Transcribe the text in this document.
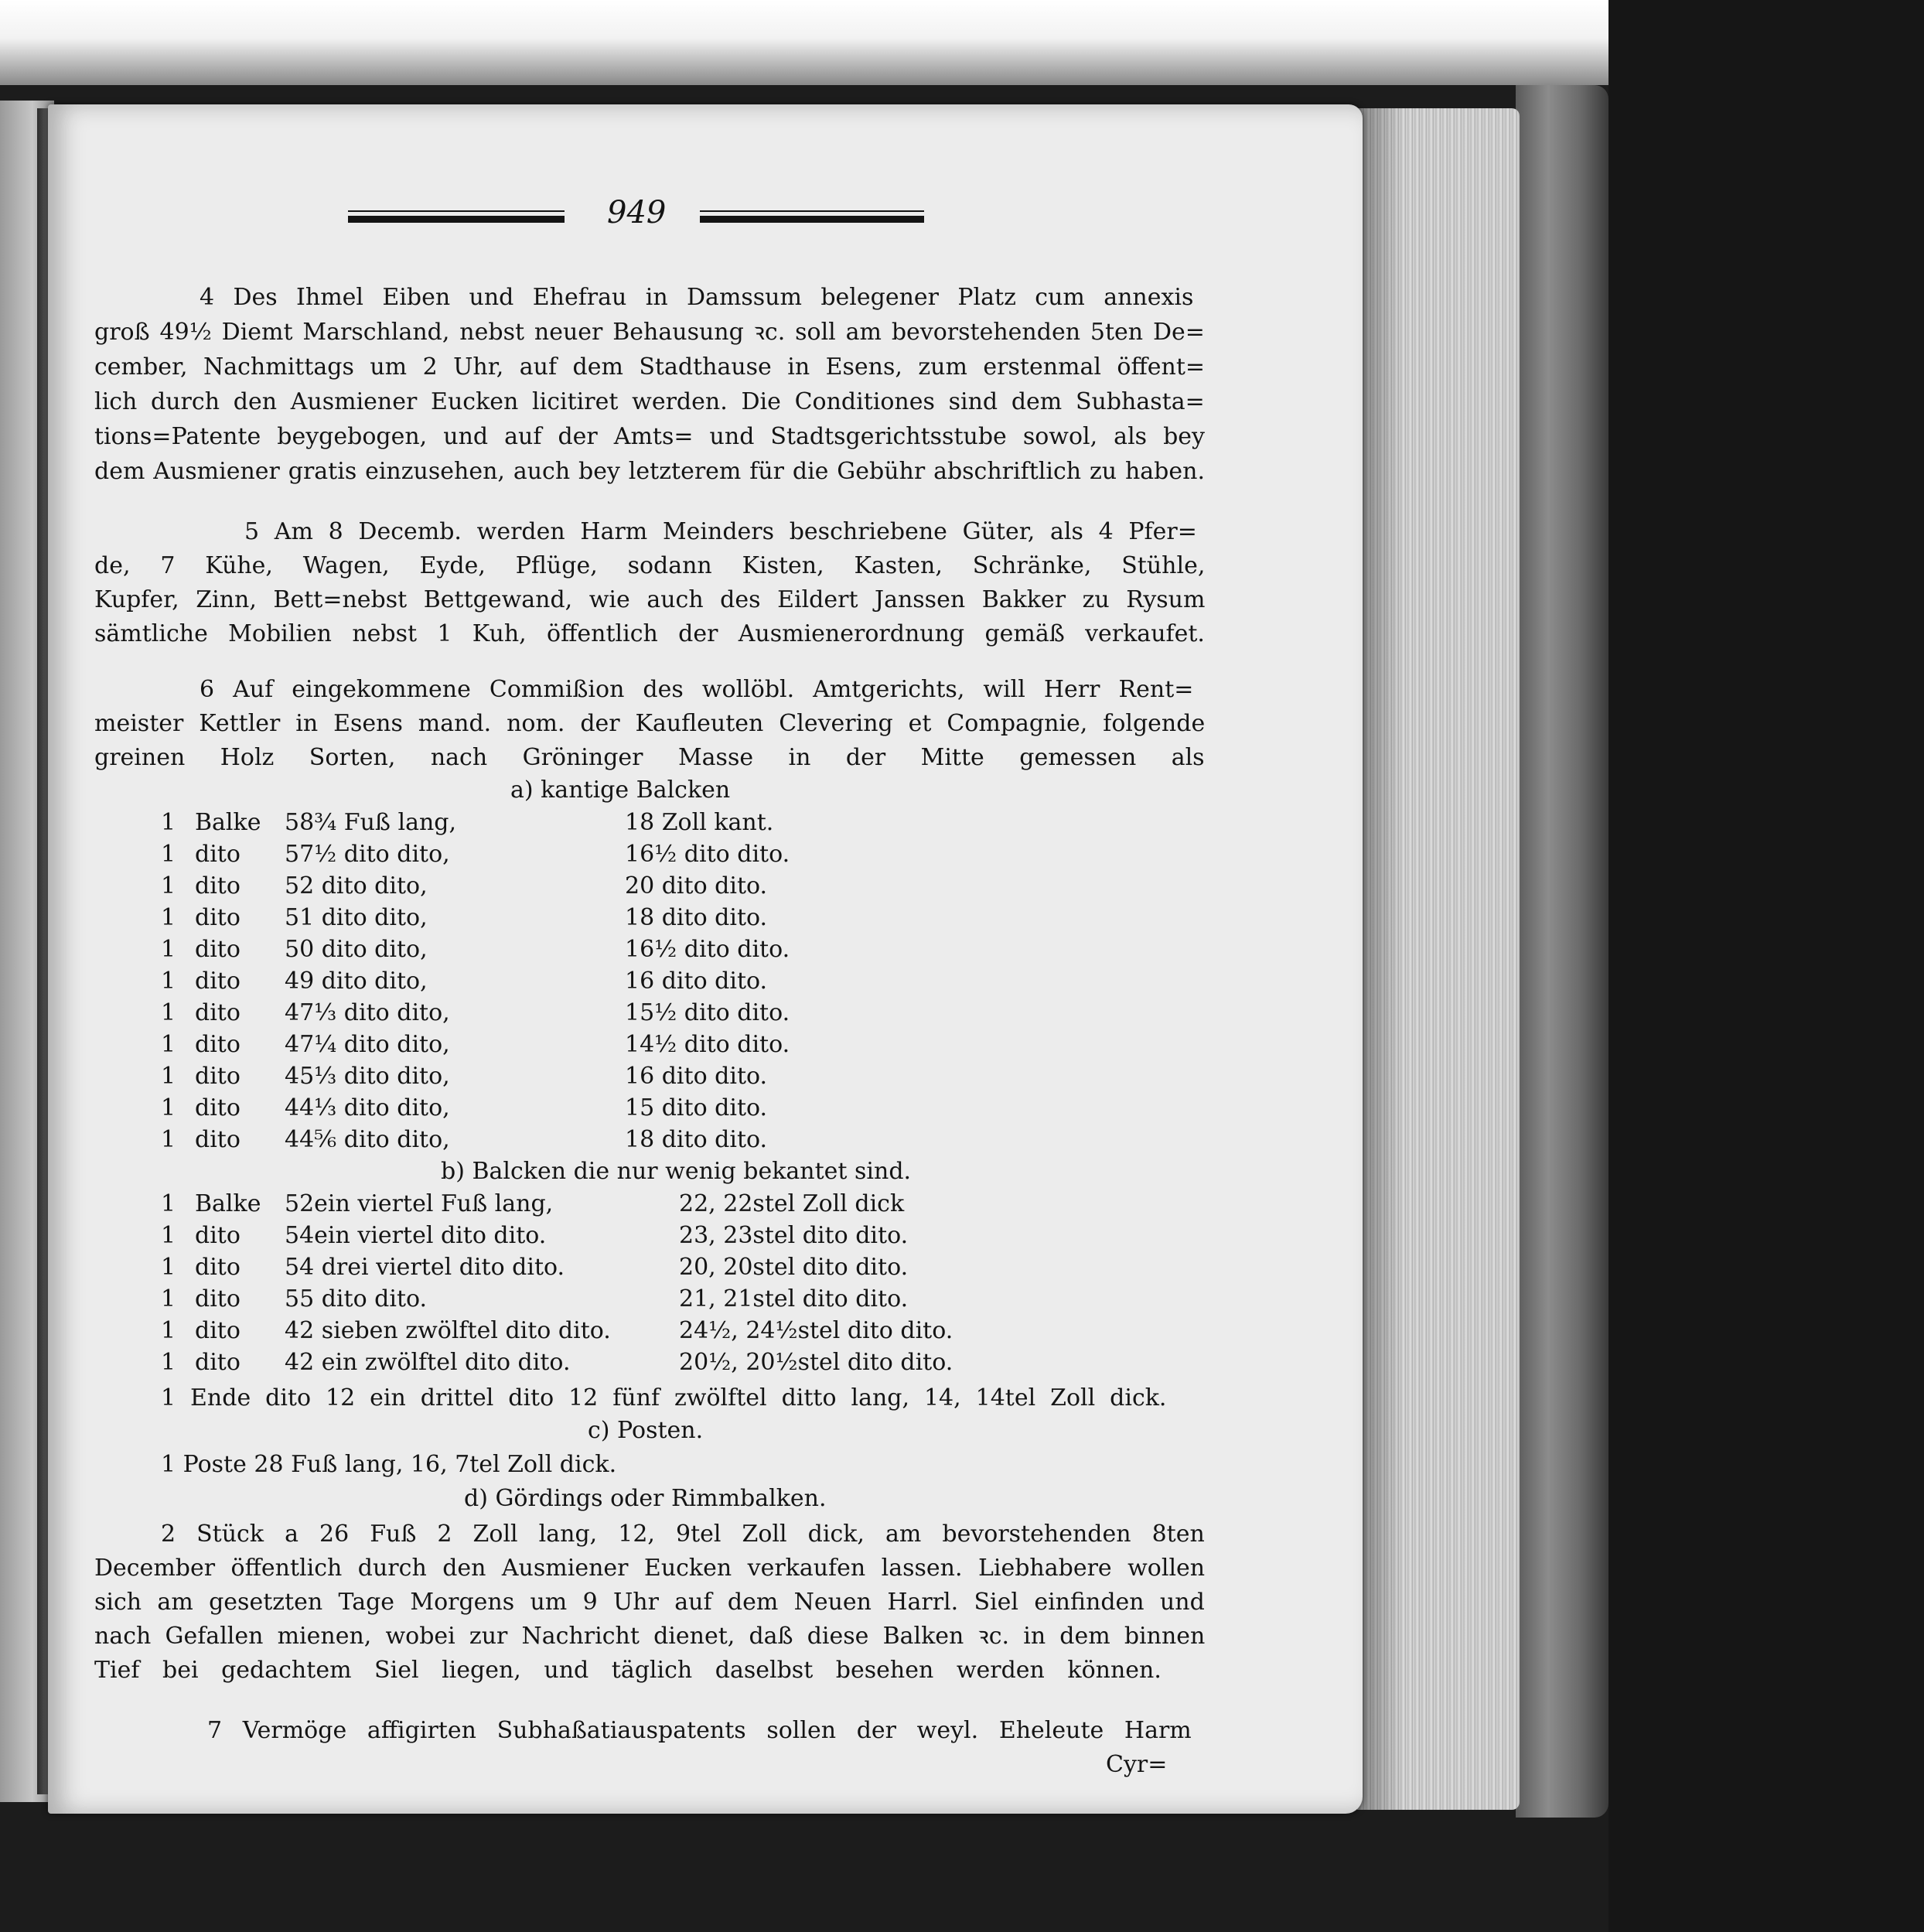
949
4 Des Ihmel Eiben und Ehefrau in Damssum belegener Platz cum annexis
groß 49½ Diemt Marschland, nebst neuer Behausung ꝛc. soll am bevorstehenden 5ten De=
cember, Nachmittags um 2 Uhr, auf dem Stadthause in Esens, zum erstenmal öffent=
lich durch den Ausmiener Eucken licitiret werden. Die Conditiones sind dem Subhasta=
tions=Patente beygebogen, und auf der Amts= und Stadtsgerichtsstube sowol, als bey
dem Ausmiener gratis einzusehen, auch bey letzterem für die Gebühr abschriftlich zu haben.
5 Am 8 Decemb. werden Harm Meinders beschriebene Güter, als 4 Pfer=
de, 7 Kühe, Wagen, Eyde, Pflüge, sodann Kisten, Kasten, Schränke, Stühle,
Kupfer, Zinn, Bett=nebst Bettgewand, wie auch des Eildert Janssen Bakker zu Rysum
sämtliche Mobilien nebst 1 Kuh, öffentlich der Ausmienerordnung gemäß verkaufet.
6 Auf eingekommene Commißion des wollöbl. Amtgerichts, will Herr Rent=
meister Kettler in Esens mand. nom. der Kaufleuten Clevering et Compagnie, folgende
greinen Holz Sorten, nach Gröninger Masse in der Mitte gemessen als
a) kantige Balcken
1 Balke 58¾ Fuß lang,	18 Zoll kant.
1 dito 57½ dito dito,	16½ dito dito.
1 dito 52 dito dito,	20 dito dito.
1 dito 51 dito dito,	18 dito dito.
1 dito 50 dito dito,	16½ dito dito.
1 dito 49 dito dito,	16 dito dito.
1 dito 47⅓ dito dito,	15½ dito dito.
1 dito 47¼ dito dito,	14½ dito dito.
1 dito 45⅓ dito dito,	16 dito dito.
1 dito 44⅓ dito dito,	15 dito dito.
1 dito 44⅚ dito dito,	18 dito dito.
b) Balcken die nur wenig bekantet sind.
1 Balke 52ein viertel Fuß lang,	22, 22stel Zoll dick
1 dito 54ein viertel dito dito.	23, 23stel dito dito.
1 dito 54 drei viertel dito dito.	20, 20stel dito dito.
1 dito 55 dito dito.	21, 21stel dito dito.
1 dito 42 sieben zwölftel dito dito.	24½, 24½stel dito dito.
1 dito 42 ein zwölftel dito dito.	20½, 20½stel dito dito.
1 Ende dito 12 ein drittel dito 12 fünf zwölftel ditto lang, 14, 14tel Zoll dick.
c) Posten.
1 Poste 28 Fuß lang, 16, 7tel Zoll dick.
d) Gördings oder Rimmbalken.
2 Stück a 26 Fuß 2 Zoll lang, 12, 9tel Zoll dick, am bevorstehenden 8ten
December öffentlich durch den Ausmiener Eucken verkaufen lassen. Liebhabere wollen
sich am gesetzten Tage Morgens um 9 Uhr auf dem Neuen Harrl. Siel einfinden und
nach Gefallen mienen, wobei zur Nachricht dienet, daß diese Balken ꝛc. in dem binnen
Tief bei gedachtem Siel liegen, und täglich daselbst besehen werden können.
7 Vermöge affigirten Subhaßatiauspatents sollen der weyl. Eheleute Harm
Cyr=
